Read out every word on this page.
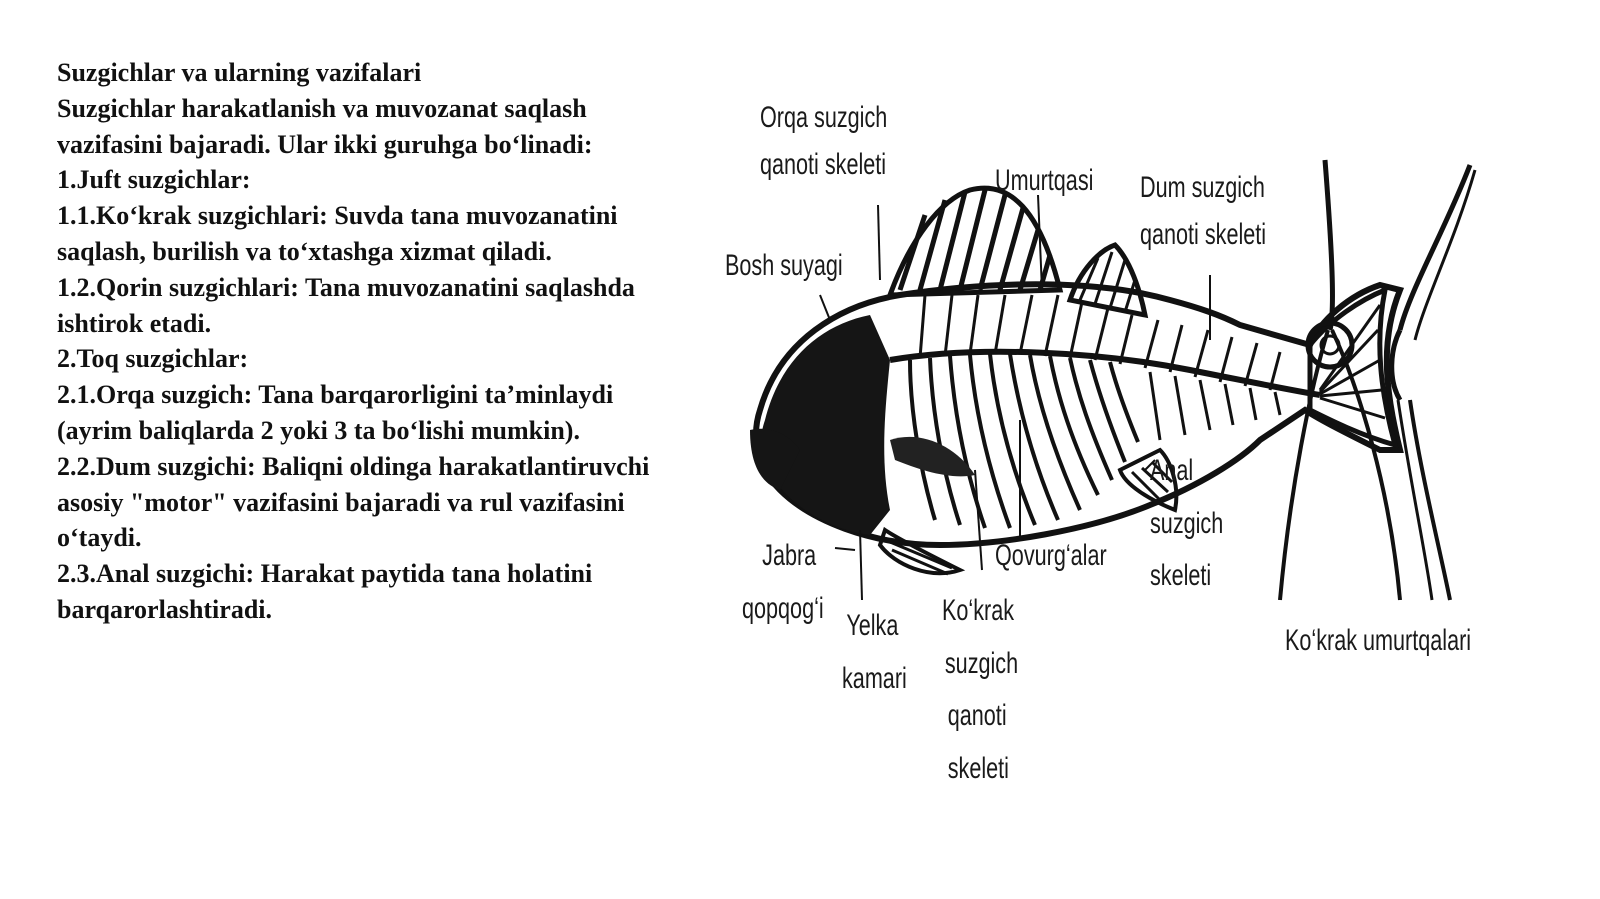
Suzgichlar va ularning vazifalari

Suzgichlar harakatlanish va muvozanat saqlash vazifasini bajaradi. Ular ikki guruhga bo‘linadi:

1.Juft suzgichlar:

1.1.Ko‘krak suzgichlari: Suvda tana muvozanatini saqlash, burilish va to‘xtashga xizmat qiladi.

1.2.Qorin suzgichlari: Tana muvozanatini saqlashda ishtirok etadi.

2.Toq suzgichlar:

2.1.Orqa suzgich: Tana barqarorligini ta’minlaydi (ayrim baliqlarda 2 yoki 3 ta bo‘lishi mumkin).

2.2.Dum suzgichi: Baliqni oldinga harakatlantiruvchi asosiy "motor" vazifasini bajaradi va rul vazifasini o‘taydi.

2.3.Anal suzgichi: Harakat paytida tana holatini barqarorlashtiradi.

Orqa suzgich
qanoti skeleti	Umurtqasi Dum suzgich
qanoti skeleti
Bosh suyagi
Anal
suzgich
skeleti
Jabra
qopqog‘i
Qovurg‘alar
Yelka
kamari
Ko‘krak
suzgich
qanoti
skeleti
Ko‘krak umurtqalari
